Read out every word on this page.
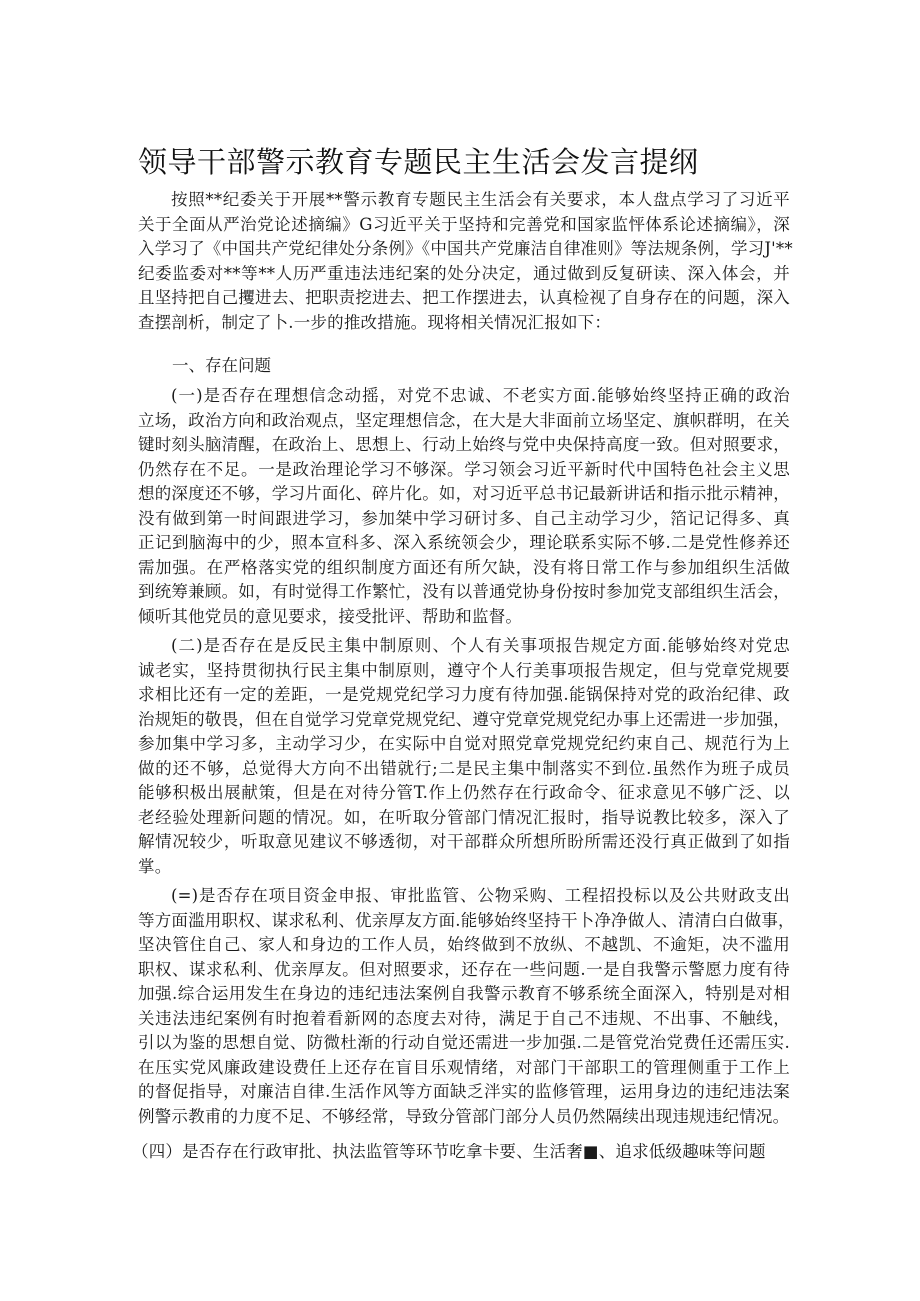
领导干部警示教育专题民主生活会发言提纲
按照**纪委关于开展**警示教育专题民主生活会有关要求，本人盘点学习了习近平
关于全面从严治党论述摘编》G习近平关于坚持和完善党和国家监怦体系论述摘编》，深
入学习了《中国共产党纪律处分条例》《中国共产党廉洁自律准则》等法规条例，学习J'**
纪委监委对**等**人历严重违法违纪案的处分决定，通过做到反复研读、深入体会，并
且坚持把自己攫进去、把职责挖进去、把工作摆进去，认真检视了自身存在的问题，深入
查摆剖析，制定了卜.一步的推改措施。现将相关情况汇报如下：
一、存在问题
(一)是否存在理想信念动摇，对党不忠诚、不老实方面.能够始终坚持正确的政治
立场，政治方向和政治观点，坚定理想信念，在大是大非面前立场坚定、旗帜群明，在关
键时刻头脑清醒，在政治上、思想上、行动上始终与党中央保持高度一致。但对照要求，
仍然存在不足。一是政治理论学习不够深。学习领会习近平新时代中国特色社会主义思
想的深度还不够，学习片面化、碎片化。如，对习近平总书记最新讲话和指示批示精神，
没有做到第一时间跟进学习，参加桀中学习研讨多、自己主动学习少，箔记记得多、真
正记到脑海中的少，照本宣科多、深入系统领会少，理论联系实际不够.二是党性修养还
需加强。在严格落实党的组织制度方面还有所欠缺，没有将日常工作与参加组织生活做
到统筹兼顾。如，有时觉得工作繁忙，没有以普通党协身份按时参加党支部组织生活会，
倾听其他党员的意见要求，接受批评、帮助和监督。
(二)是否存在是反民主集中制原则、个人有关事项报告规定方面.能够始终对党忠
诚老实，坚持贯彻执行民主集中制原则，遵守个人行美事项报告规定，但与党章党规要
求相比还有一定的差距，一是党规党纪学习力度有待加强.能锅保持对党的政治纪律、政
治规矩的敬畏，但在自觉学习党章党规党纪、遵守党章党规党纪办事上还需进一步加强，
参加集中学习多，主动学习少，在实际中自觉对照党章党规党纪约束自己、规范行为上
做的还不够，总觉得大方向不出错就行;二是民主集中制落实不到位.虽然作为班子成员
能够积极出展献策，但是在对待分管T.作上仍然存在行政命令、征求意见不够广泛、以
老经验处理新问题的情况。如，在听取分管部门情况汇报时，指导说教比较多，深入了
解情况较少，听取意见建议不够透彻，对干部群众所想所盼所需还没行真正做到了如指
掌。
(=)是否存在项目资金申报、审批监管、公物采购、工程招投标以及公共财政支出
等方面滥用职权、谋求私利、优亲厚友方面.能够始终坚持干卜净净做人、清清白白做事，
坚决管住自己、家人和身边的工作人员，始终做到不放纵、不越凯、不逾矩，决不滥用
职权、谋求私利、优亲厚友。但对照要求，还存在一些问题.一是自我警示警愿力度有待
加强.综合运用发生在身边的违纪违法案例自我警示教育不够系统全面深入，特别是对相
关违法违纪案例有时抱着看新网的态度去对待，满足于自己不违规、不出事、不触线，
引以为鉴的思想自觉、防微杜渐的行动自觉还需进一步加强.二是管党治党费任还需压实.
在压实党风廉政建设费任上还存在盲目乐观情绪，对部门干部职工的管理侧重于工作上
的督促指导，对廉洁自律.生活作风等方面缺乏泮实的监修管理，运用身边的违纪违法案
例警示教甫的力度不足、不够经常，导致分管部门部分人员仍然隔续出现违规违纪情况。
（四）是否存在行政审批、执法监管等环节吃拿卡要、生活奢■、追求低级趣味等问题
